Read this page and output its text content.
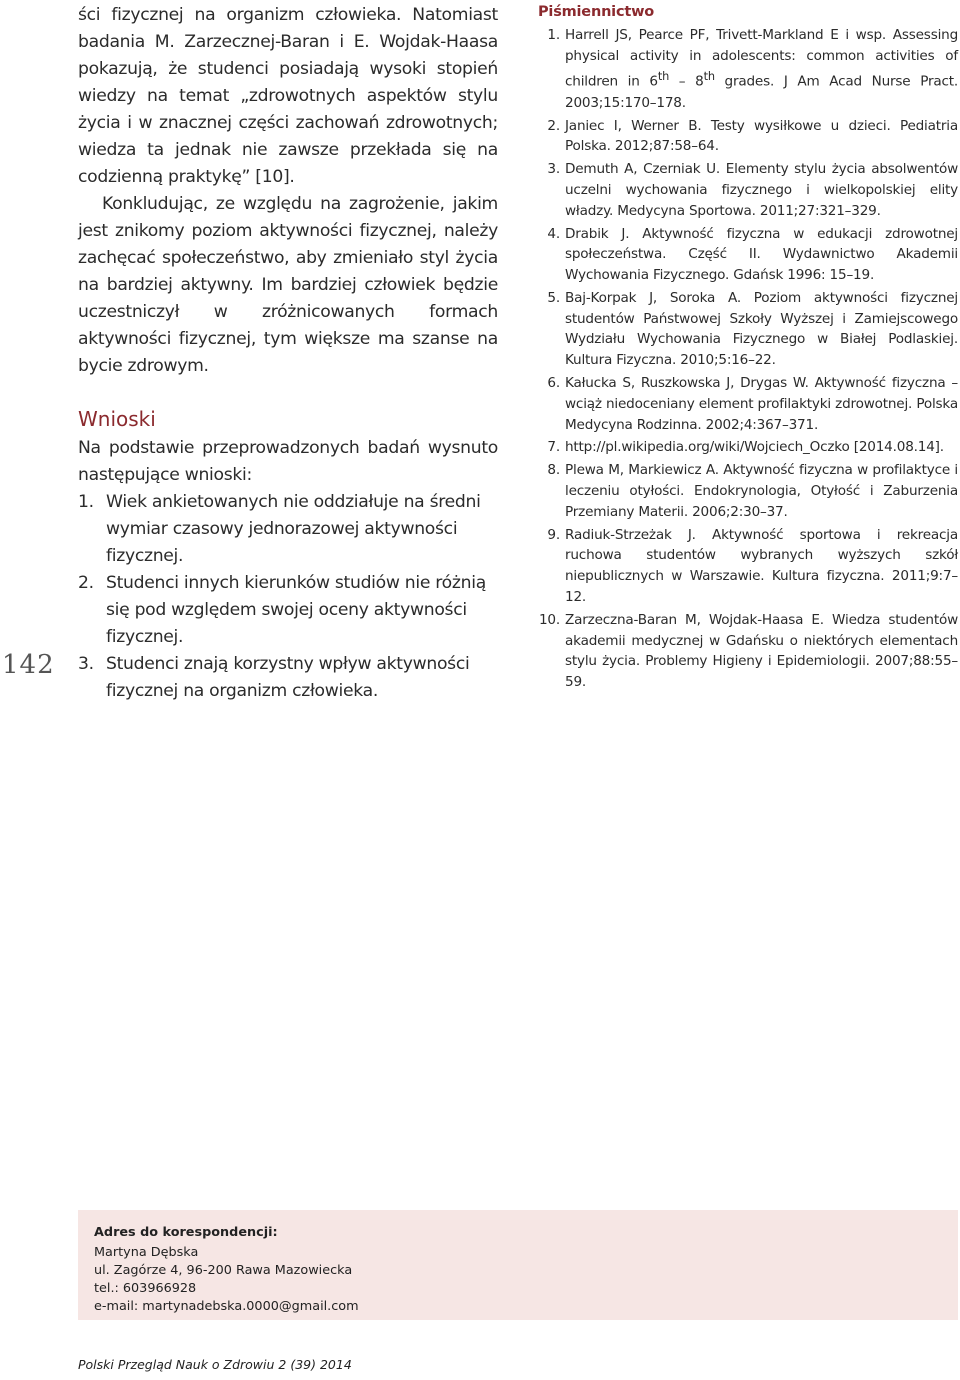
ści fizycznej na organizm człowieka. Natomiast badania M. Zarzecznej-Baran i E. Wojdak-Haasa pokazują, że studenci posiadają wysoki stopień wiedzy na temat „zdrowotnych aspektów stylu życia i w znacznej części zachowań zdrowotnych; wiedza ta jednak nie zawsze przekłada się na codzienną praktykę” [10].

Konkludując, ze względu na zagrożenie, jakim jest znikomy poziom aktywności fizycznej, należy zachęcać społeczeństwo, aby zmieniało styl życia na bardziej aktywny. Im bardziej człowiek będzie uczestniczył w zróżnicowanych formach aktywności fizycznej, tym większe ma szanse na bycie zdrowym.

Wnioski

Na podstawie przeprowadzonych badań wysnuto następujące wnioski:

1. Wiek ankietowanych nie oddziałuje na średni wymiar czasowy jednorazowej aktywności fizycznej.
2. Studenci innych kierunków studiów nie różnią się pod względem swojej oceny aktywności fizycznej.
3. Studenci znają korzystny wpływ aktywności fizycznej na organizm człowieka.
Piśmiennictwo
1. Harrell JS, Pearce PF, Trivett-Markland E i wsp. Assessing physical activity in adolescents: common activities of children in 6th – 8th grades. J Am Acad Nurse Pract. 2003;15:170–178.
2. Janiec I, Werner B. Testy wysiłkowe u dzieci. Pediatria Polska. 2012;87:58–64.
3. Demuth A, Czerniak U. Elementy stylu życia absolwentów uczelni wychowania fizycznego i wielkopolskiej elity władzy. Medycyna Sportowa. 2011;27:321–329.
4. Drabik J. Aktywność fizyczna w edukacji zdrowotnej społeczeństwa. Część II. Wydawnictwo Akademii Wychowania Fizycznego. Gdańsk 1996: 15–19.
5. Baj-Korpak J, Soroka A. Poziom aktywności fizycznej studentów Państwowej Szkoły Wyższej i Zamiejscowego Wydziału Wychowania Fizycznego w Białej Podlaskiej. Kultura Fizyczna. 2010;5:16–22.
6. Kałucka S, Ruszkowska J, Drygas W. Aktywność fizyczna – wciąż niedoceniany element profilaktyki zdrowotnej. Polska Medycyna Rodzinna. 2002;4:367–371.
7. http://pl.wikipedia.org/wiki/Wojciech_Oczko [2014.08.14].
8. Plewa M, Markiewicz A. Aktywność fizyczna w profilaktyce i leczeniu otyłości. Endokrynologia, Otyłość i Zaburzenia Przemiany Materii. 2006;2:30–37.
9. Radiuk-Strzeżak J. Aktywność sportowa i rekreacja ruchowa studentów wybranych wyższych szkół niepublicznych w Warszawie. Kultura fizyczna. 2011;9:7–12.
10. Zarzeczna-Baran M, Wojdak-Haasa E. Wiedza studentów akademii medycznej w Gdańsku o niektórych elementach stylu życia. Problemy Higieny i Epidemiologii. 2007;88:55–59.
142
Adres do korespondencji:
Martyna Dębska
ul. Zagórze 4, 96-200 Rawa Mazowiecka
tel.: 603966928
e-mail: martynadebska.0000@gmail.com
Polski Przegląd Nauk o Zdrowiu 2 (39) 2014
